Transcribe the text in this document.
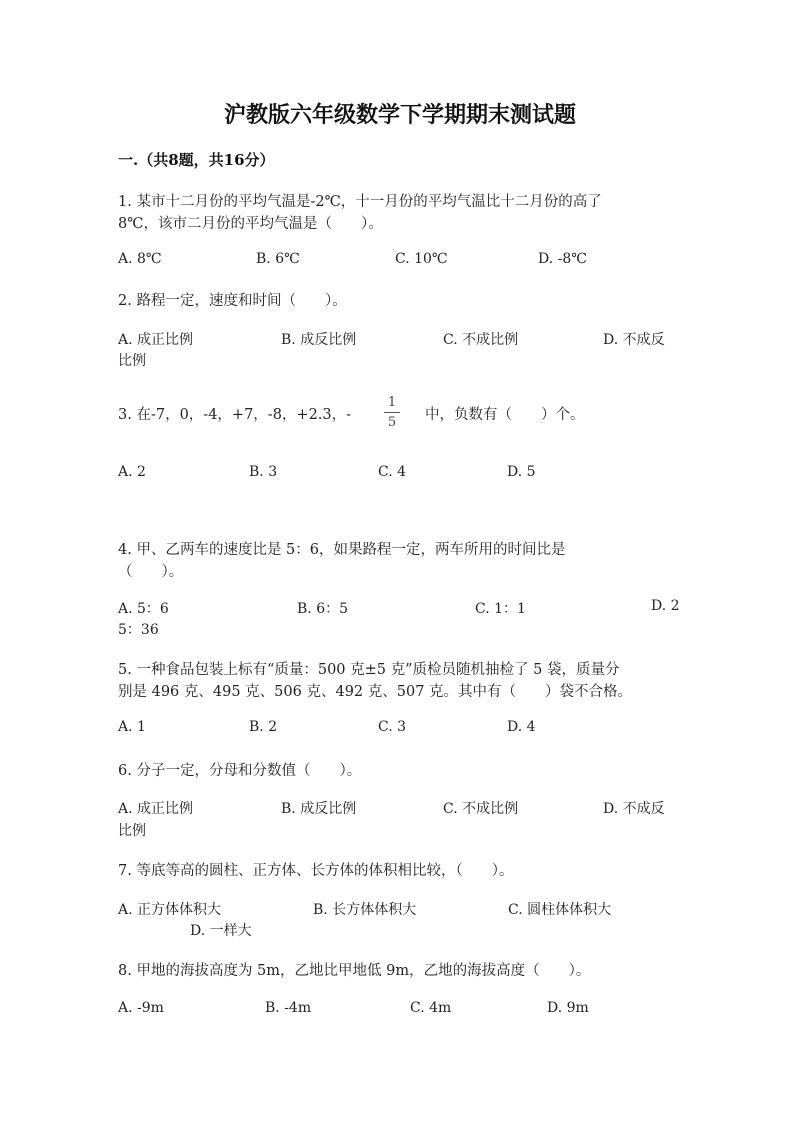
沪教版六年级数学下学期期末测试题
一.（共8题，共16分）
1. 某市十二月份的平均气温是-2℃，十一月份的平均气温比十二月份的高了
8℃，该市二月份的平均气温是（　　）。
A. 8℃	B. 6℃	C. 10℃	D. -8℃
2. 路程一定，速度和时间（　　）。
A. 成正比例	B. 成反比例	C. 不成比例	D. 不成反
比例
3. 在-7，0，-4，+7，-8，+2.3，-
1
5 中，负数有（　　）个。
A. 2	B. 3	C. 4	D. 5
4. 甲、乙两车的速度比是 5：6，如果路程一定，两车所用的时间比是
（　　）。
A. 5：6	B. 6：5	C. 1：1	D. 2
5：36
5. 一种食品包装上标有“质量：500 克±5 克”质检员随机抽检了 5 袋，质量分
别是 496 克、495 克、506 克、492 克、507 克。其中有（　　）袋不合格。
A. 1	B. 2	C. 3	D. 4
6. 分子一定，分母和分数值（　　）。
A. 成正比例	B. 成反比例	C. 不成比例	D. 不成反
比例
7. 等底等高的圆柱、正方体、长方体的体积相比较，（　　）。
A. 正方体体积大	B. 长方体体积大	C. 圆柱体体积大
D. 一样大
8. 甲地的海拔高度为 5m，乙地比甲地低 9m，乙地的海拔高度（　　）。
A. -9m	B. -4m	C. 4m	D. 9m
